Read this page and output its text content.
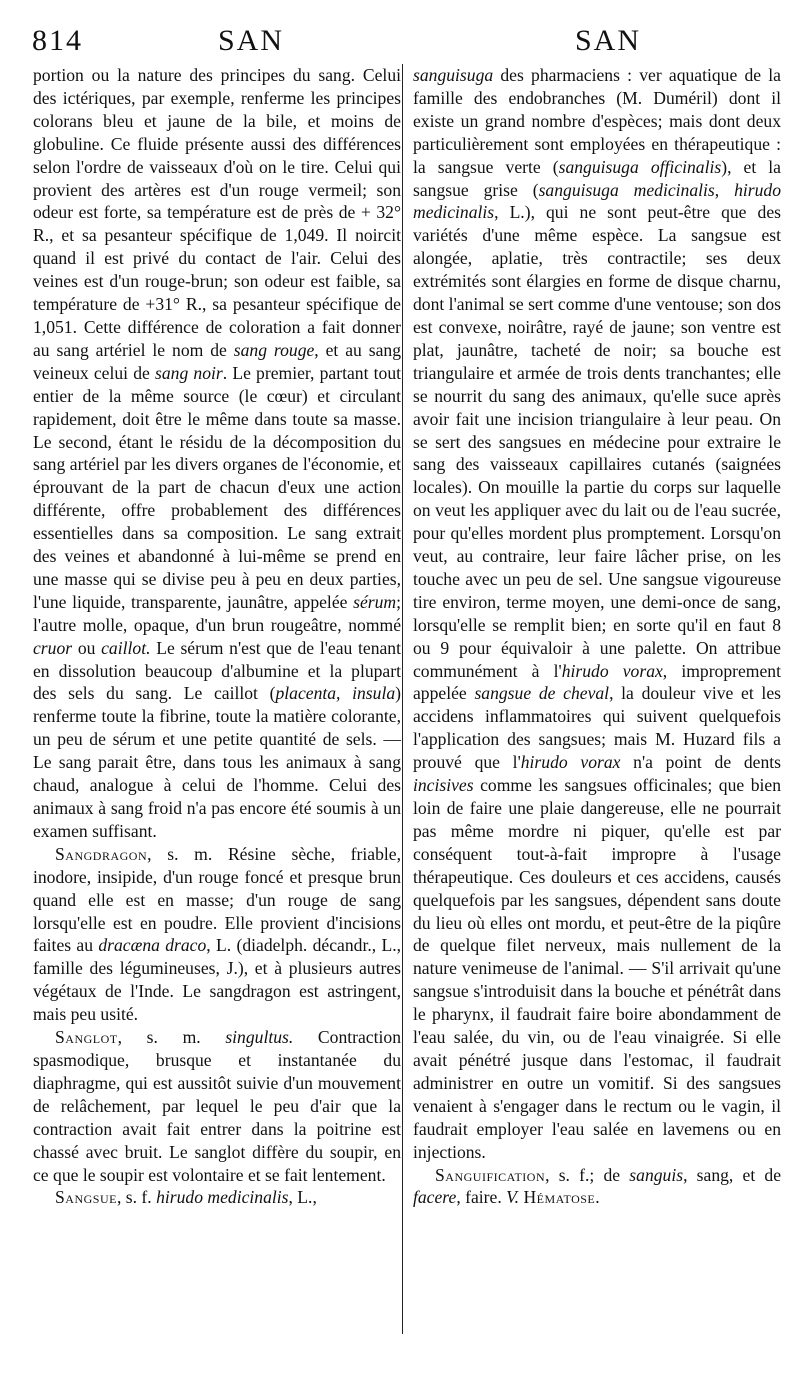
814	SAN	SAN

portion ou la nature des principes du sang. Celui des ictériques, par exemple, renferme les principes colorans bleu et jaune de la bile, et moins de globuline. Ce fluide présente aussi des différences selon l'ordre de vaisseaux d'où on le tire. Celui qui provient des artères est d'un rouge vermeil; son odeur est forte, sa température est de près de + 32° R., et sa pesanteur spécifique de 1,049. Il noircit quand il est privé du contact de l'air. Celui des veines est d'un rouge-brun; son odeur est faible, sa température de +31° R., sa pesanteur spécifique de 1,051. Cette différence de coloration a fait donner au sang artériel le nom de sang rouge, et au sang veineux celui de sang noir. Le premier, partant tout entier de la même source (le cœur) et circulant rapidement, doit être le même dans toute sa masse. Le second, étant le résidu de la décomposition du sang artériel par les divers organes de l'économie, et éprouvant de la part de chacun d'eux une action différente, offre probablement des différences essentielles dans sa composition. Le sang extrait des veines et abandonné à lui-même se prend en une masse qui se divise peu à peu en deux parties, l'une liquide, transparente, jaunâtre, appelée sérum; l'autre molle, opaque, d'un brun rougeâtre, nommé cruor ou caillot. Le sérum n'est que de l'eau tenant en dissolution beaucoup d'albumine et la plupart des sels du sang. Le caillot (placenta, insula) renferme toute la fibrine, toute la matière colorante, un peu de sérum et une petite quantité de sels. — Le sang parait être, dans tous les animaux à sang chaud, analogue à celui de l'homme. Celui des animaux à sang froid n'a pas encore été soumis à un examen suffisant.

Sangdragon, s. m. Résine sèche, friable, inodore, insipide, d'un rouge foncé et presque brun quand elle est en masse; d'un rouge de sang lorsqu'elle est en poudre. Elle provient d'incisions faites au dracæna draco, L. (diadelph. décandr., L., famille des légumineuses, J.), et à plusieurs autres végétaux de l'Inde. Le sangdragon est astringent, mais peu usité.

Sanglot, s. m. singultus. Contraction spasmodique, brusque et instantanée du diaphragme, qui est aussitôt suivie d'un mouvement de relâchement, par lequel le peu d'air que la contraction avait fait entrer dans la poitrine est chassé avec bruit. Le sanglot diffère du soupir, en ce que le soupir est volontaire et se fait lentement.

Sangsue, s. f. hirudo medicinalis, L.,

sanguisuga des pharmaciens : ver aquatique de la famille des endobranches (M. Duméril) dont il existe un grand nombre d'espèces; mais dont deux particulièrement sont employées en thérapeutique : la sangsue verte (sanguisuga officinalis), et la sangsue grise (sanguisuga medicinalis, hirudo medicinalis, L.), qui ne sont peut-être que des variétés d'une même espèce. La sangsue est alongée, aplatie, très contractile; ses deux extrémités sont élargies en forme de disque charnu, dont l'animal se sert comme d'une ventouse; son dos est convexe, noirâtre, rayé de jaune; son ventre est plat, jaunâtre, tacheté de noir; sa bouche est triangulaire et armée de trois dents tranchantes; elle se nourrit du sang des animaux, qu'elle suce après avoir fait une incision triangulaire à leur peau. On se sert des sangsues en médecine pour extraire le sang des vaisseaux capillaires cutanés (saignées locales). On mouille la partie du corps sur laquelle on veut les appliquer avec du lait ou de l'eau sucrée, pour qu'elles mordent plus promptement. Lorsqu'on veut, au contraire, leur faire lâcher prise, on les touche avec un peu de sel. Une sangsue vigoureuse tire environ, terme moyen, une demi-once de sang, lorsqu'elle se remplit bien; en sorte qu'il en faut 8 ou 9 pour équivaloir à une palette. On attribue communément à l'hirudo vorax, improprement appelée sangsue de cheval, la douleur vive et les accidens inflammatoires qui suivent quelquefois l'application des sangsues; mais M. Huzard fils a prouvé que l'hirudo vorax n'a point de dents incisives comme les sangsues officinales; que bien loin de faire une plaie dangereuse, elle ne pourrait pas même mordre ni piquer, qu'elle est par conséquent tout-à-fait impropre à l'usage thérapeutique. Ces douleurs et ces accidens, causés quelquefois par les sangsues, dépendent sans doute du lieu où elles ont mordu, et peut-être de la piqûre de quelque filet nerveux, mais nullement de la nature venimeuse de l'animal. — S'il arrivait qu'une sangsue s'introduisit dans la bouche et pénétrât dans le pharynx, il faudrait faire boire abondamment de l'eau salée, du vin, ou de l'eau vinaigrée. Si elle avait pénétré jusque dans l'estomac, il faudrait administrer en outre un vomitif. Si des sangsues venaient à s'engager dans le rectum ou le vagin, il faudrait employer l'eau salée en lavemens ou en injections.

Sanguification, s. f.; de sanguis, sang, et de facere, faire. V. Hématose.
